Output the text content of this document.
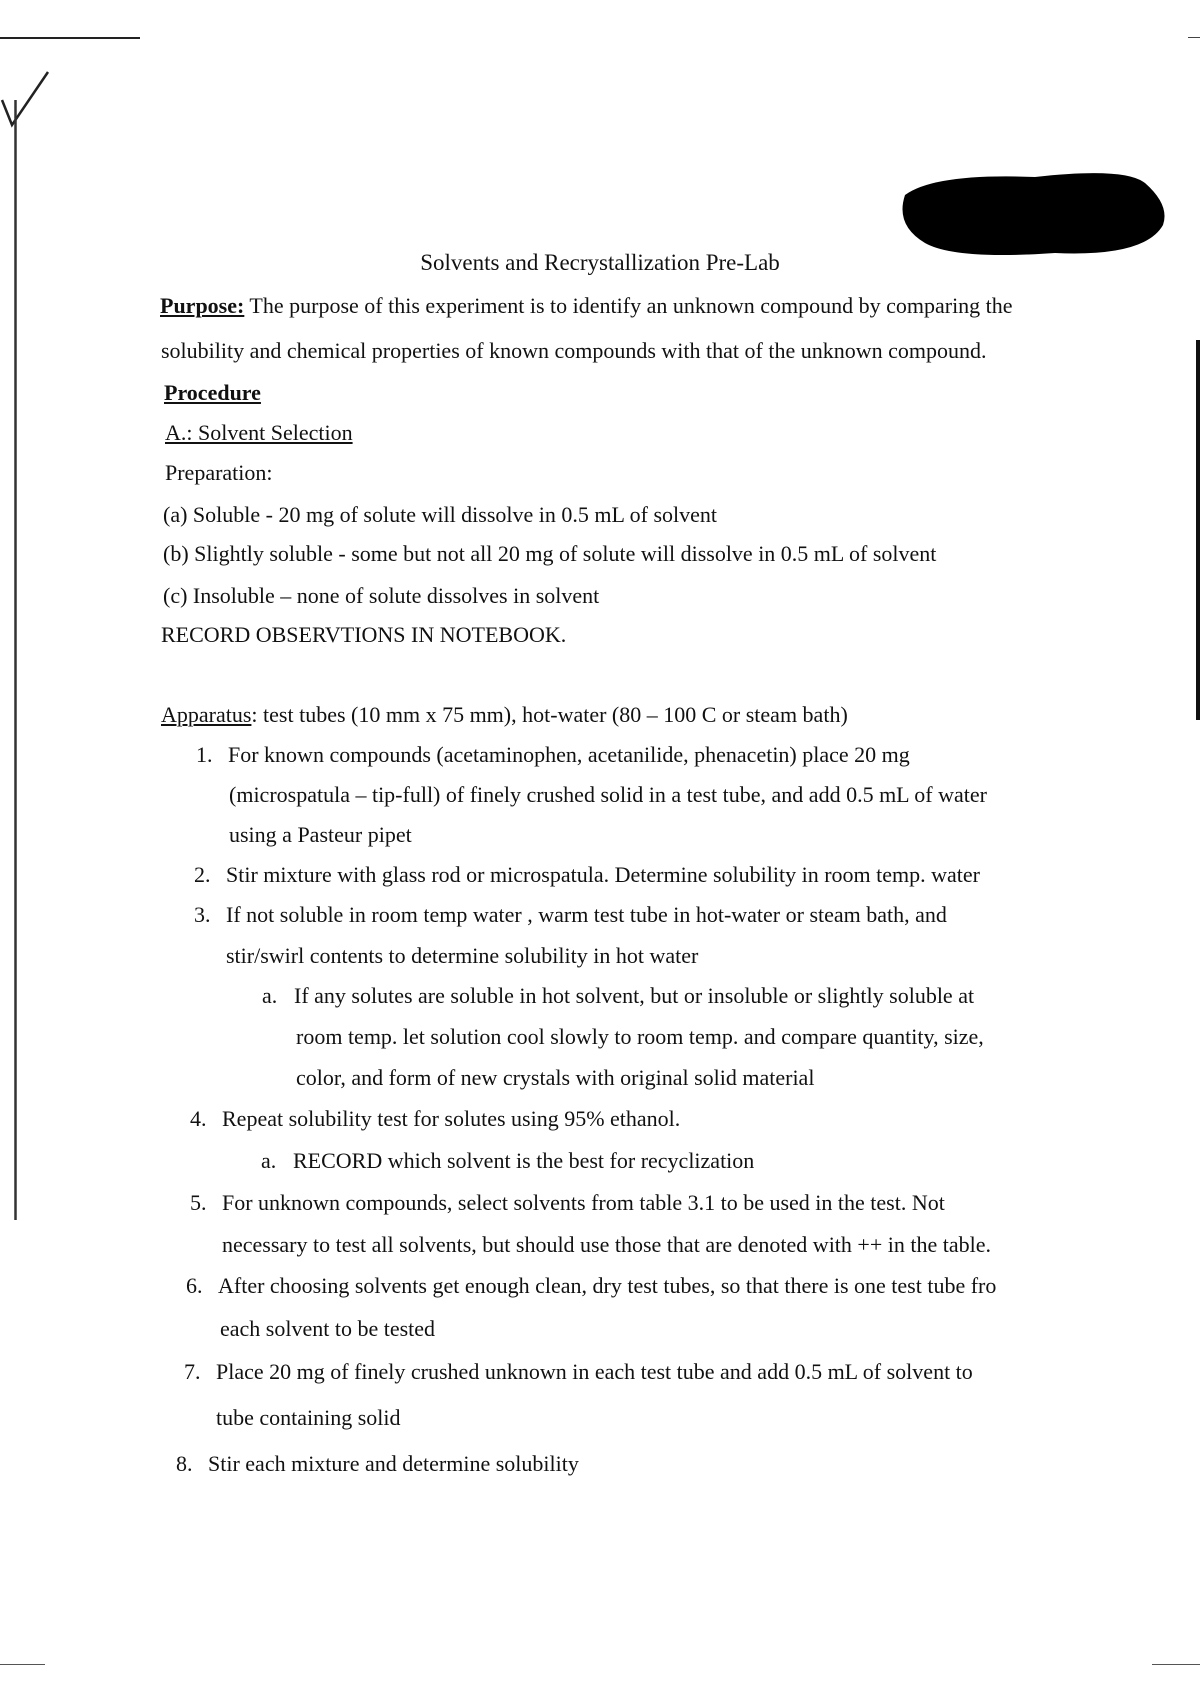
Solvents and Recrystallization Pre-Lab
Purpose: The purpose of this experiment is to identify an unknown compound by comparing the
solubility and chemical properties of known compounds with that of the unknown compound.
Procedure
A.: Solvent Selection
Preparation:
(a) Soluble - 20 mg of solute will dissolve in 0.5 mL of solvent
(b) Slightly soluble - some but not all 20 mg of solute will dissolve in 0.5 mL of solvent
(c) Insoluble – none of solute dissolves in solvent
RECORD OBSERVTIONS IN NOTEBOOK.
Apparatus: test tubes (10 mm x 75 mm), hot-water (80 – 100 C or steam bath)
1. For known compounds (acetaminophen, acetanilide, phenacetin) place 20 mg
(microspatula – tip-full) of finely crushed solid in a test tube, and add 0.5 mL of water
using a Pasteur pipet
2. Stir mixture with glass rod or microspatula. Determine solubility in room temp. water
3. If not soluble in room temp water , warm test tube in hot-water or steam bath, and
stir/swirl contents to determine solubility in hot water
a. If any solutes are soluble in hot solvent, but or insoluble or slightly soluble at
room temp. let solution cool slowly to room temp. and compare quantity, size,
color, and form of new crystals with original solid material
4. Repeat solubility test for solutes using 95% ethanol.
a. RECORD which solvent is the best for recyclization
5. For unknown compounds, select solvents from table 3.1 to be used in the test. Not
necessary to test all solvents, but should use those that are denoted with ++ in the table.
6. After choosing solvents get enough clean, dry test tubes, so that there is one test tube fro
each solvent to be tested
7. Place 20 mg of finely crushed unknown in each test tube and add 0.5 mL of solvent to
tube containing solid
8. Stir each mixture and determine solubility
